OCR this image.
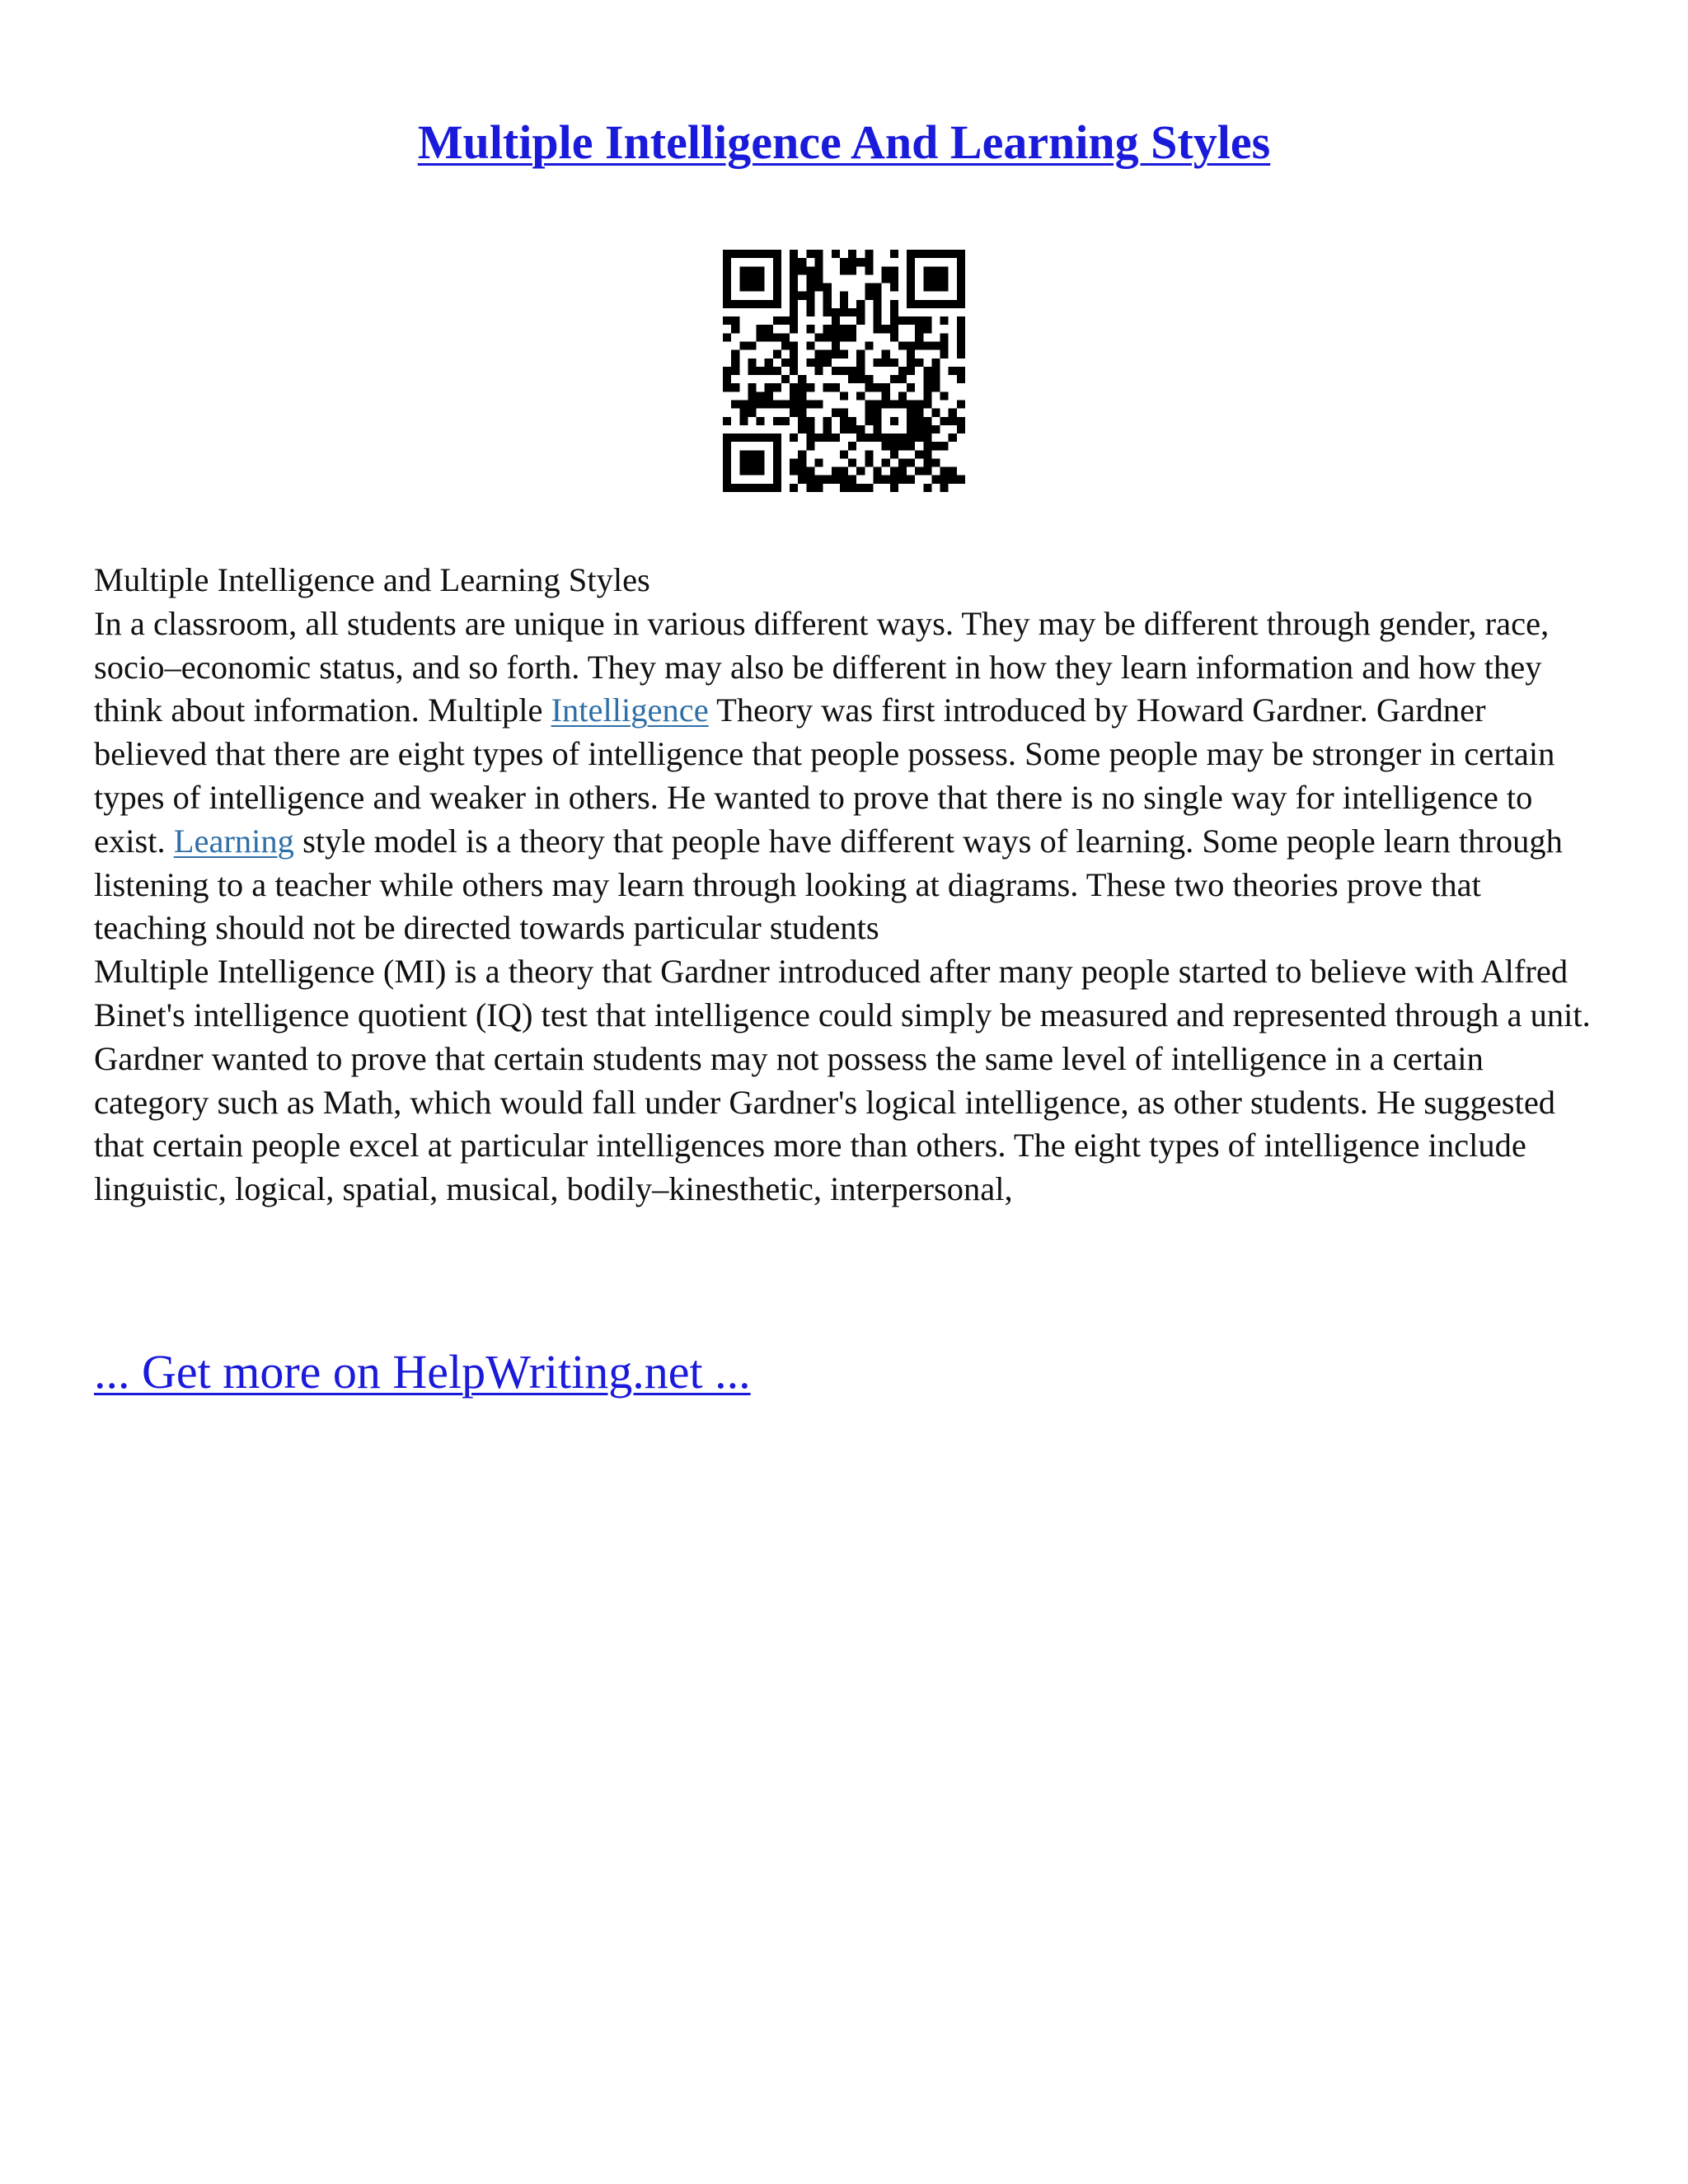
Multiple Intelligence And Learning Styles

Multiple Intelligence and Learning Styles

In a classroom, all students are unique in various different ways. They may be different through gender, race, socio–economic status, and so forth. They may also be different in how they learn information and how they think about information. Multiple Intelligence Theory was first introduced by Howard Gardner. Gardner believed that there are eight types of intelligence that people possess. Some people may be stronger in certain types of intelligence and weaker in others. He wanted to prove that there is no single way for intelligence to exist. Learning style model is a theory that people have different ways of learning. Some people learn through listening to a teacher while others may learn through looking at diagrams. These two theories prove that teaching should not be directed towards particular students

Multiple Intelligence (MI) is a theory that Gardner introduced after many people started to believe with Alfred Binet's intelligence quotient (IQ) test that intelligence could simply be measured and represented through a unit. Gardner wanted to prove that certain students may not possess the same level of intelligence in a certain category such as Math, which would fall under Gardner's logical intelligence, as other students. He suggested that certain people excel at particular intelligences more than others. The eight types of intelligence include linguistic, logical, spatial, musical, bodily–kinesthetic, interpersonal,

... Get more on HelpWriting.net ...
